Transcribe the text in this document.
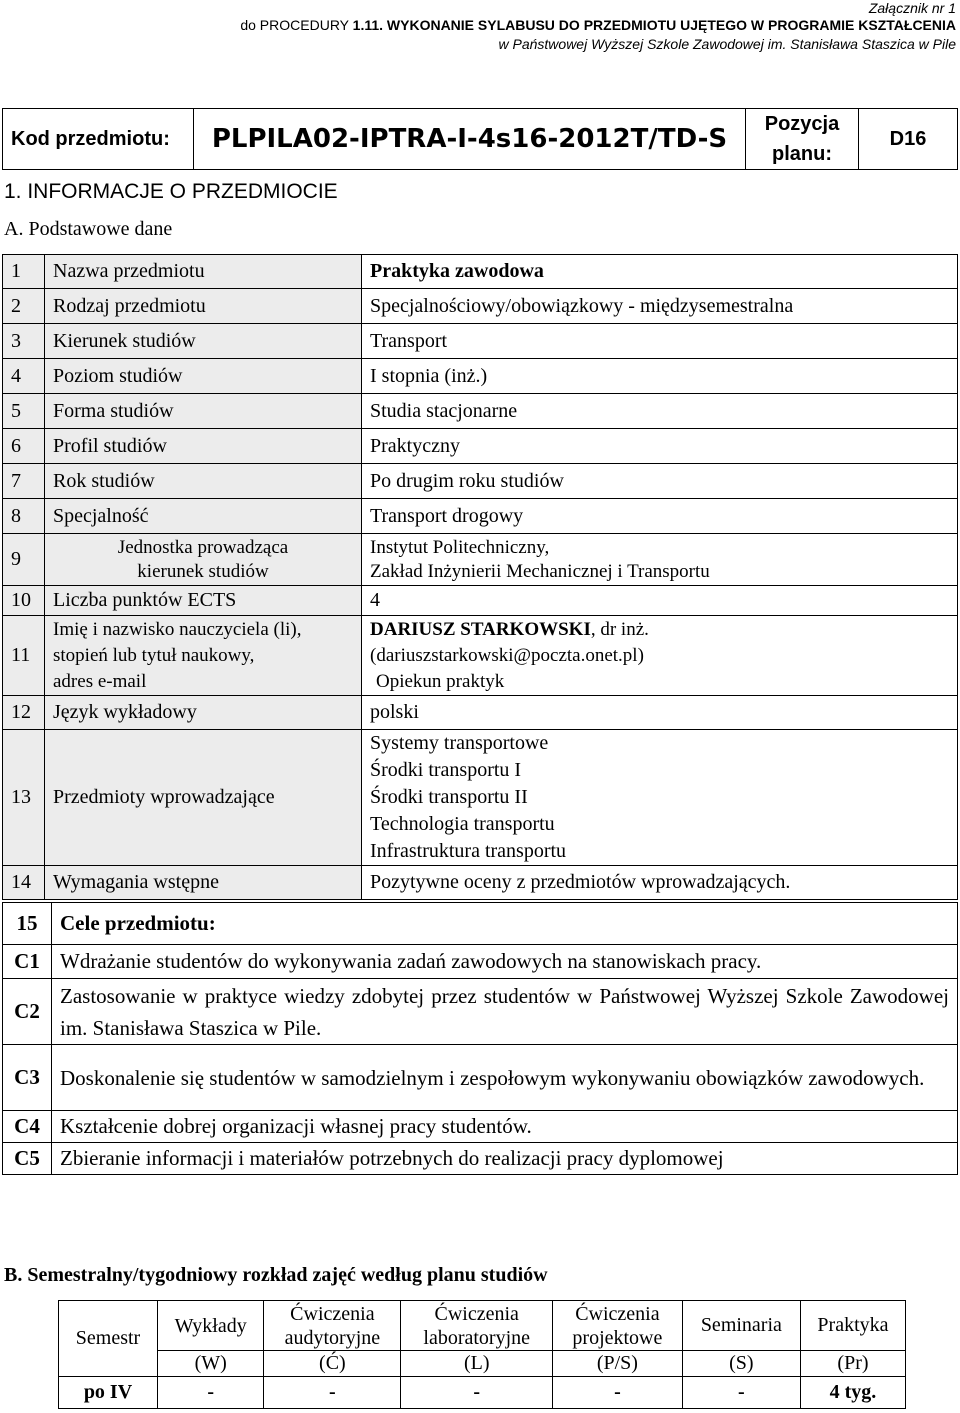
Załącznik nr 1
do PROCEDURY 1.11. WYKONANIE SYLABUSU DO PRZEDMIOTU UJĘTEGO W PROGRAMIE KSZTAŁCENIA
w Państwowej Wyższej Szkole Zawodowej im. Stanisława Staszica w Pile
Kod przedmiotu:	PLPILA02-IPTRA-I-4s16-2012T/TD-S	Pozycja
planu:	D16
1. INFORMACJE O PRZEDMIOCIE
A. Podstawowe dane
1	Nazwa przedmiotu	Praktyka zawodowa
2	Rodzaj przedmiotu	Specjalnościowy/obowiązkowy - międzysemestralna
3	Kierunek studiów	Transport
4	Poziom studiów	I stopnia (inż.)
5	Forma studiów	Studia stacjonarne
6	Profil studiów	Praktyczny
7	Rok studiów	Po drugim roku studiów
8	Specjalność	Transport drogowy
9	Jednostka prowadząca
kierunek studiów	Instytut Politechniczny,
Zakład Inżynierii Mechanicznej i Transportu
10	Liczba punktów ECTS	4
11	Imię i nazwisko nauczyciela (li),
stopień lub tytuł naukowy,
adres e-mail	DARIUSZ STARKOWSKI, dr inż.
(dariuszstarkowski@poczta.onet.pl)
Opiekun praktyk
12	Język wykładowy	polski
13	Przedmioty wprowadzające	Systemy transportowe
Środki transportu I
Środki transportu II
Technologia transportu
Infrastruktura transportu
14	Wymagania wstępne	Pozytywne oceny z przedmiotów wprowadzających.
15	Cele przedmiotu:
C1	Wdrażanie studentów do wykonywania zadań zawodowych na stanowiskach pracy.
C2	Zastosowanie w praktyce wiedzy zdobytej przez studentów w Państwowej Wyższej Szkole Zawodowej im. Stanisława Staszica w Pile.
C3	Doskonalenie się studentów w samodzielnym i zespołowym wykonywaniu obowiązków zawodowych.
C4	Kształcenie dobrej organizacji własnej pracy studentów.
C5	Zbieranie informacji i materiałów potrzebnych do realizacji pracy dyplomowej
B. Semestralny/tygodniowy rozkład zajęć według planu studiów
Semestr	Wykłady	Ćwiczenia
audytoryjne	Ćwiczenia
laboratoryjne	Ćwiczenia
projektowe	Seminaria	Praktyka
	(W)	(Ć)	(L)	(P/S)	(S)	(Pr)
po IV	-	-	-	-	-	4 tyg.
